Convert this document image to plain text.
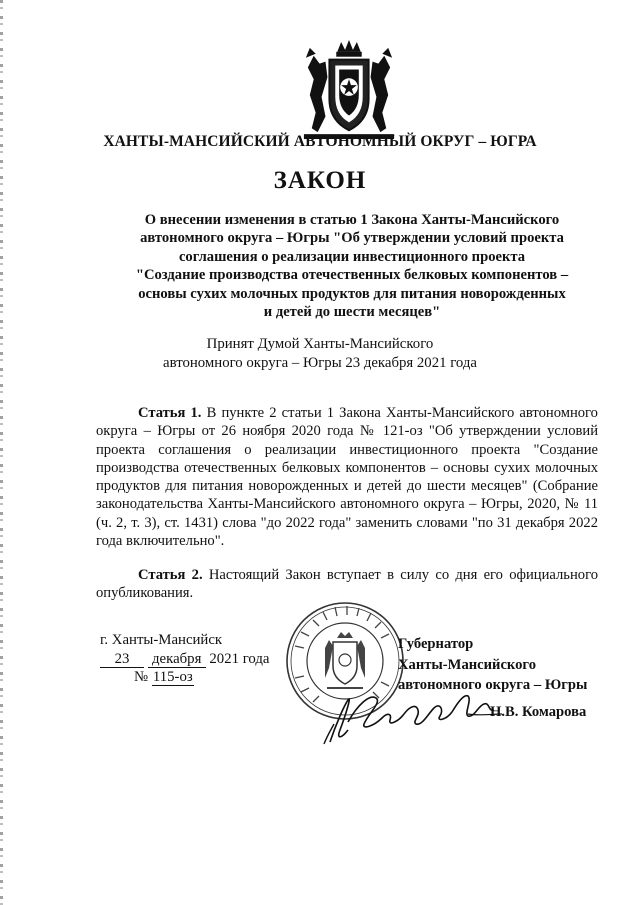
ХАНТЫ-МАНСИЙСКИЙ АВТОНОМНЫЙ ОКРУГ – ЮГРА
ЗАКОН
О внесении изменения в статью 1 Закона Ханты-Мансийского
автономного округа – Югры "Об утверждении условий проекта
соглашения о реализации инвестиционного проекта
"Создание производства отечественных белковых компонентов –
основы сухих молочных продуктов для питания новорожденных
и детей до шести месяцев"
Принят Думой Ханты-Мансийского
автономного округа – Югры 23 декабря 2021 года
Статья 1. В пункте 2 статьи 1 Закона Ханты-Мансийского автономного округа – Югры от 26 ноября 2020 года № 121-оз "Об утверждении условий проекта соглашения о реализации инвестиционного проекта "Создание производства отечественных белковых компонентов – основы сухих молочных продуктов для питания новорожденных и детей до шести месяцев" (Собрание законодательства Ханты-Мансийского автономного округа – Югры, 2020, № 11 (ч. 2, т. 3), ст. 1431) слова "до 2022 года" заменить словами "по 31 декабря 2022 года включительно".
Статья 2. Настоящий Закон вступает в силу со дня его официального опубликования.
г. Ханты-Мансийск
23 декабря 2021 года
№ 115-оз
Губернатор
Ханты-Мансийского
автономного округа – Югры
Н.В. Комарова
